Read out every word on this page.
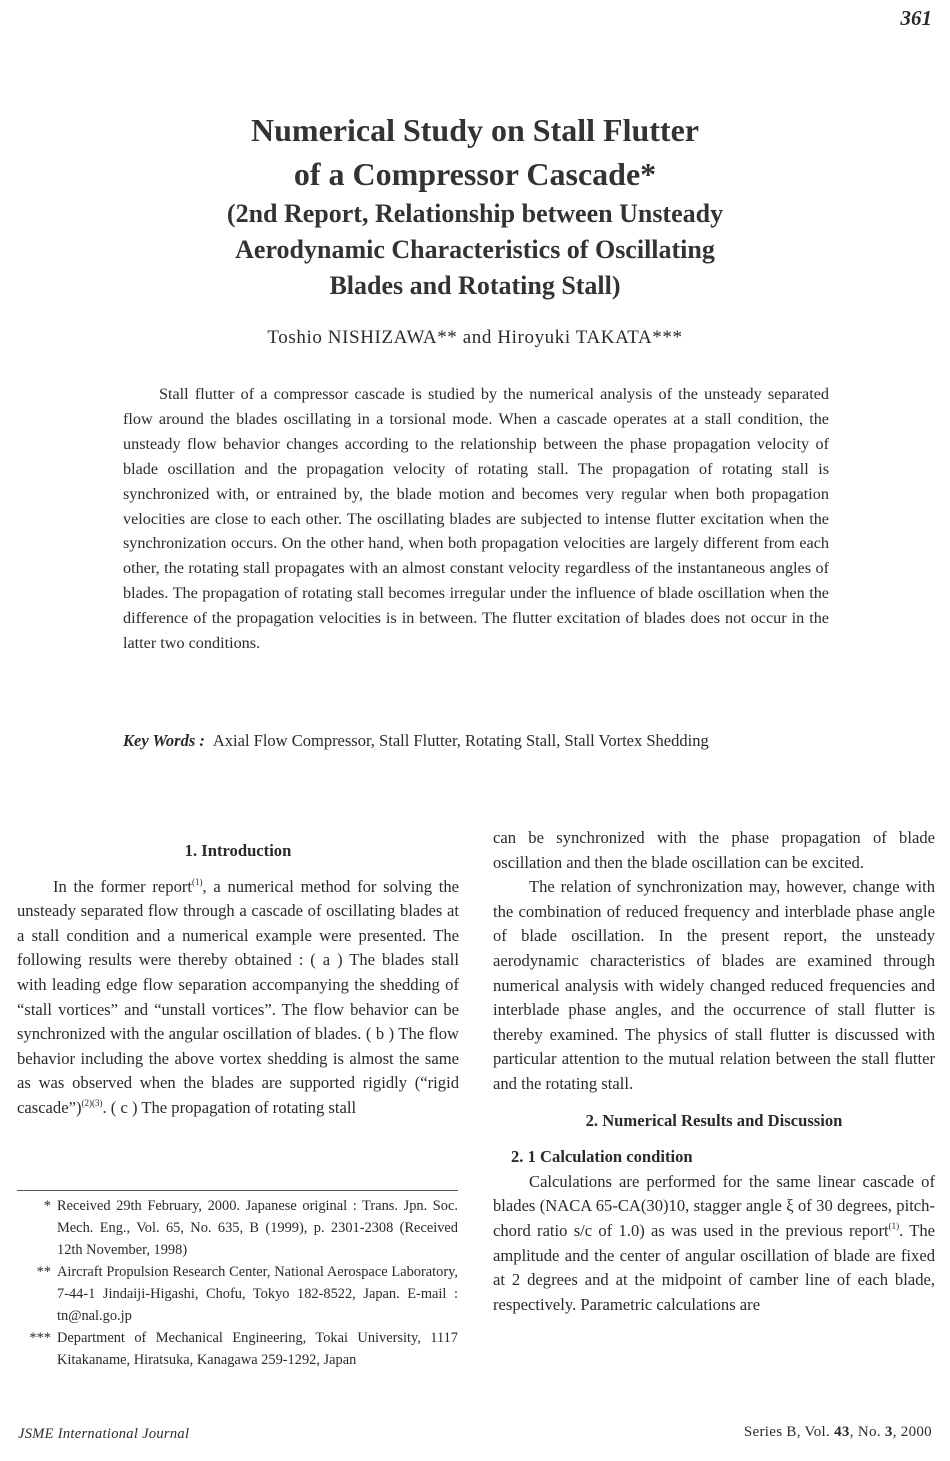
361
Numerical Study on Stall Flutter
of a Compressor Cascade*
(2nd Report, Relationship between Unsteady
Aerodynamic Characteristics of Oscillating
Blades and Rotating Stall)
Toshio NISHIZAWA** and Hiroyuki TAKATA***

Stall flutter of a compressor cascade is studied by the numerical analysis of the unsteady separated flow around the blades oscillating in a torsional mode. When a cascade operates at a stall condition, the unsteady flow behavior changes according to the relationship between the phase propagation velocity of blade oscillation and the propagation velocity of rotating stall. The propagation of rotating stall is synchronized with, or entrained by, the blade motion and becomes very regular when both propagation velocities are close to each other. The oscillating blades are subjected to intense flutter excitation when the synchronization occurs. On the other hand, when both propagation velocities are largely different from each other, the rotating stall propagates with an almost constant velocity regardless of the instantaneous angles of blades. The propagation of rotating stall becomes irregular under the influence of blade oscillation when the difference of the propagation velocities is in between. The flutter excitation of blades does not occur in the latter two conditions.

Key Words : Axial Flow Compressor, Stall Flutter, Rotating Stall, Stall Vortex Shedding
1. Introduction

In the former report$^{(1)}$, a numerical method for solving the unsteady separated flow through a cascade of oscillating blades at a stall condition and a numerical example were presented. The following results were thereby obtained : ( a ) The blades stall with leading edge flow separation accompanying the shedding of “stall vortices” and “unstall vortices”. The flow behavior can be synchronized with the angular oscillation of blades. ( b ) The flow behavior including the above vortex shedding is almost the same as was observed when the blades are supported rigidly (“rigid cascade”)$^{(2)(3)}$. ( c ) The propagation of rotating stall

* Received 29th February, 2000. Japanese original : Trans. Jpn. Soc. Mech. Eng., Vol. 65, No. 635, B (1999), p. 2301-2308 (Received 12th November, 1998)
** Aircraft Propulsion Research Center, National Aerospace Laboratory, 7-44-1 Jindaiji-Higashi, Chofu, Tokyo 182-8522, Japan. E-mail : tn@nal.go.jp
*** Department of Mechanical Engineering, Tokai University, 1117 Kitakaname, Hiratsuka, Kanagawa 259-1292, Japan

can be synchronized with the phase propagation of blade oscillation and then the blade oscillation can be excited.

The relation of synchronization may, however, change with the combination of reduced frequency and interblade phase angle of blade oscillation. In the present report, the unsteady aerodynamic characteristics of blades are examined through numerical analysis with widely changed reduced frequencies and interblade phase angles, and the occurrence of stall flutter is thereby examined. The physics of stall flutter is discussed with particular attention to the mutual relation between the stall flutter and the rotating stall.

2. Numerical Results and Discussion
2. 1 Calculation condition

Calculations are performed for the same linear cascade of blades (NACA 65-CA(30)10, stagger angle ξ of 30 degrees, pitch-chord ratio s/c of 1.0) as was used in the previous report$^{(1)}$. The amplitude and the center of angular oscillation of blade are fixed at 2 degrees and at the midpoint of camber line of each blade, respectively. Parametric calculations are

JSME International Journal	Series B, Vol. 43, No. 3, 2000
